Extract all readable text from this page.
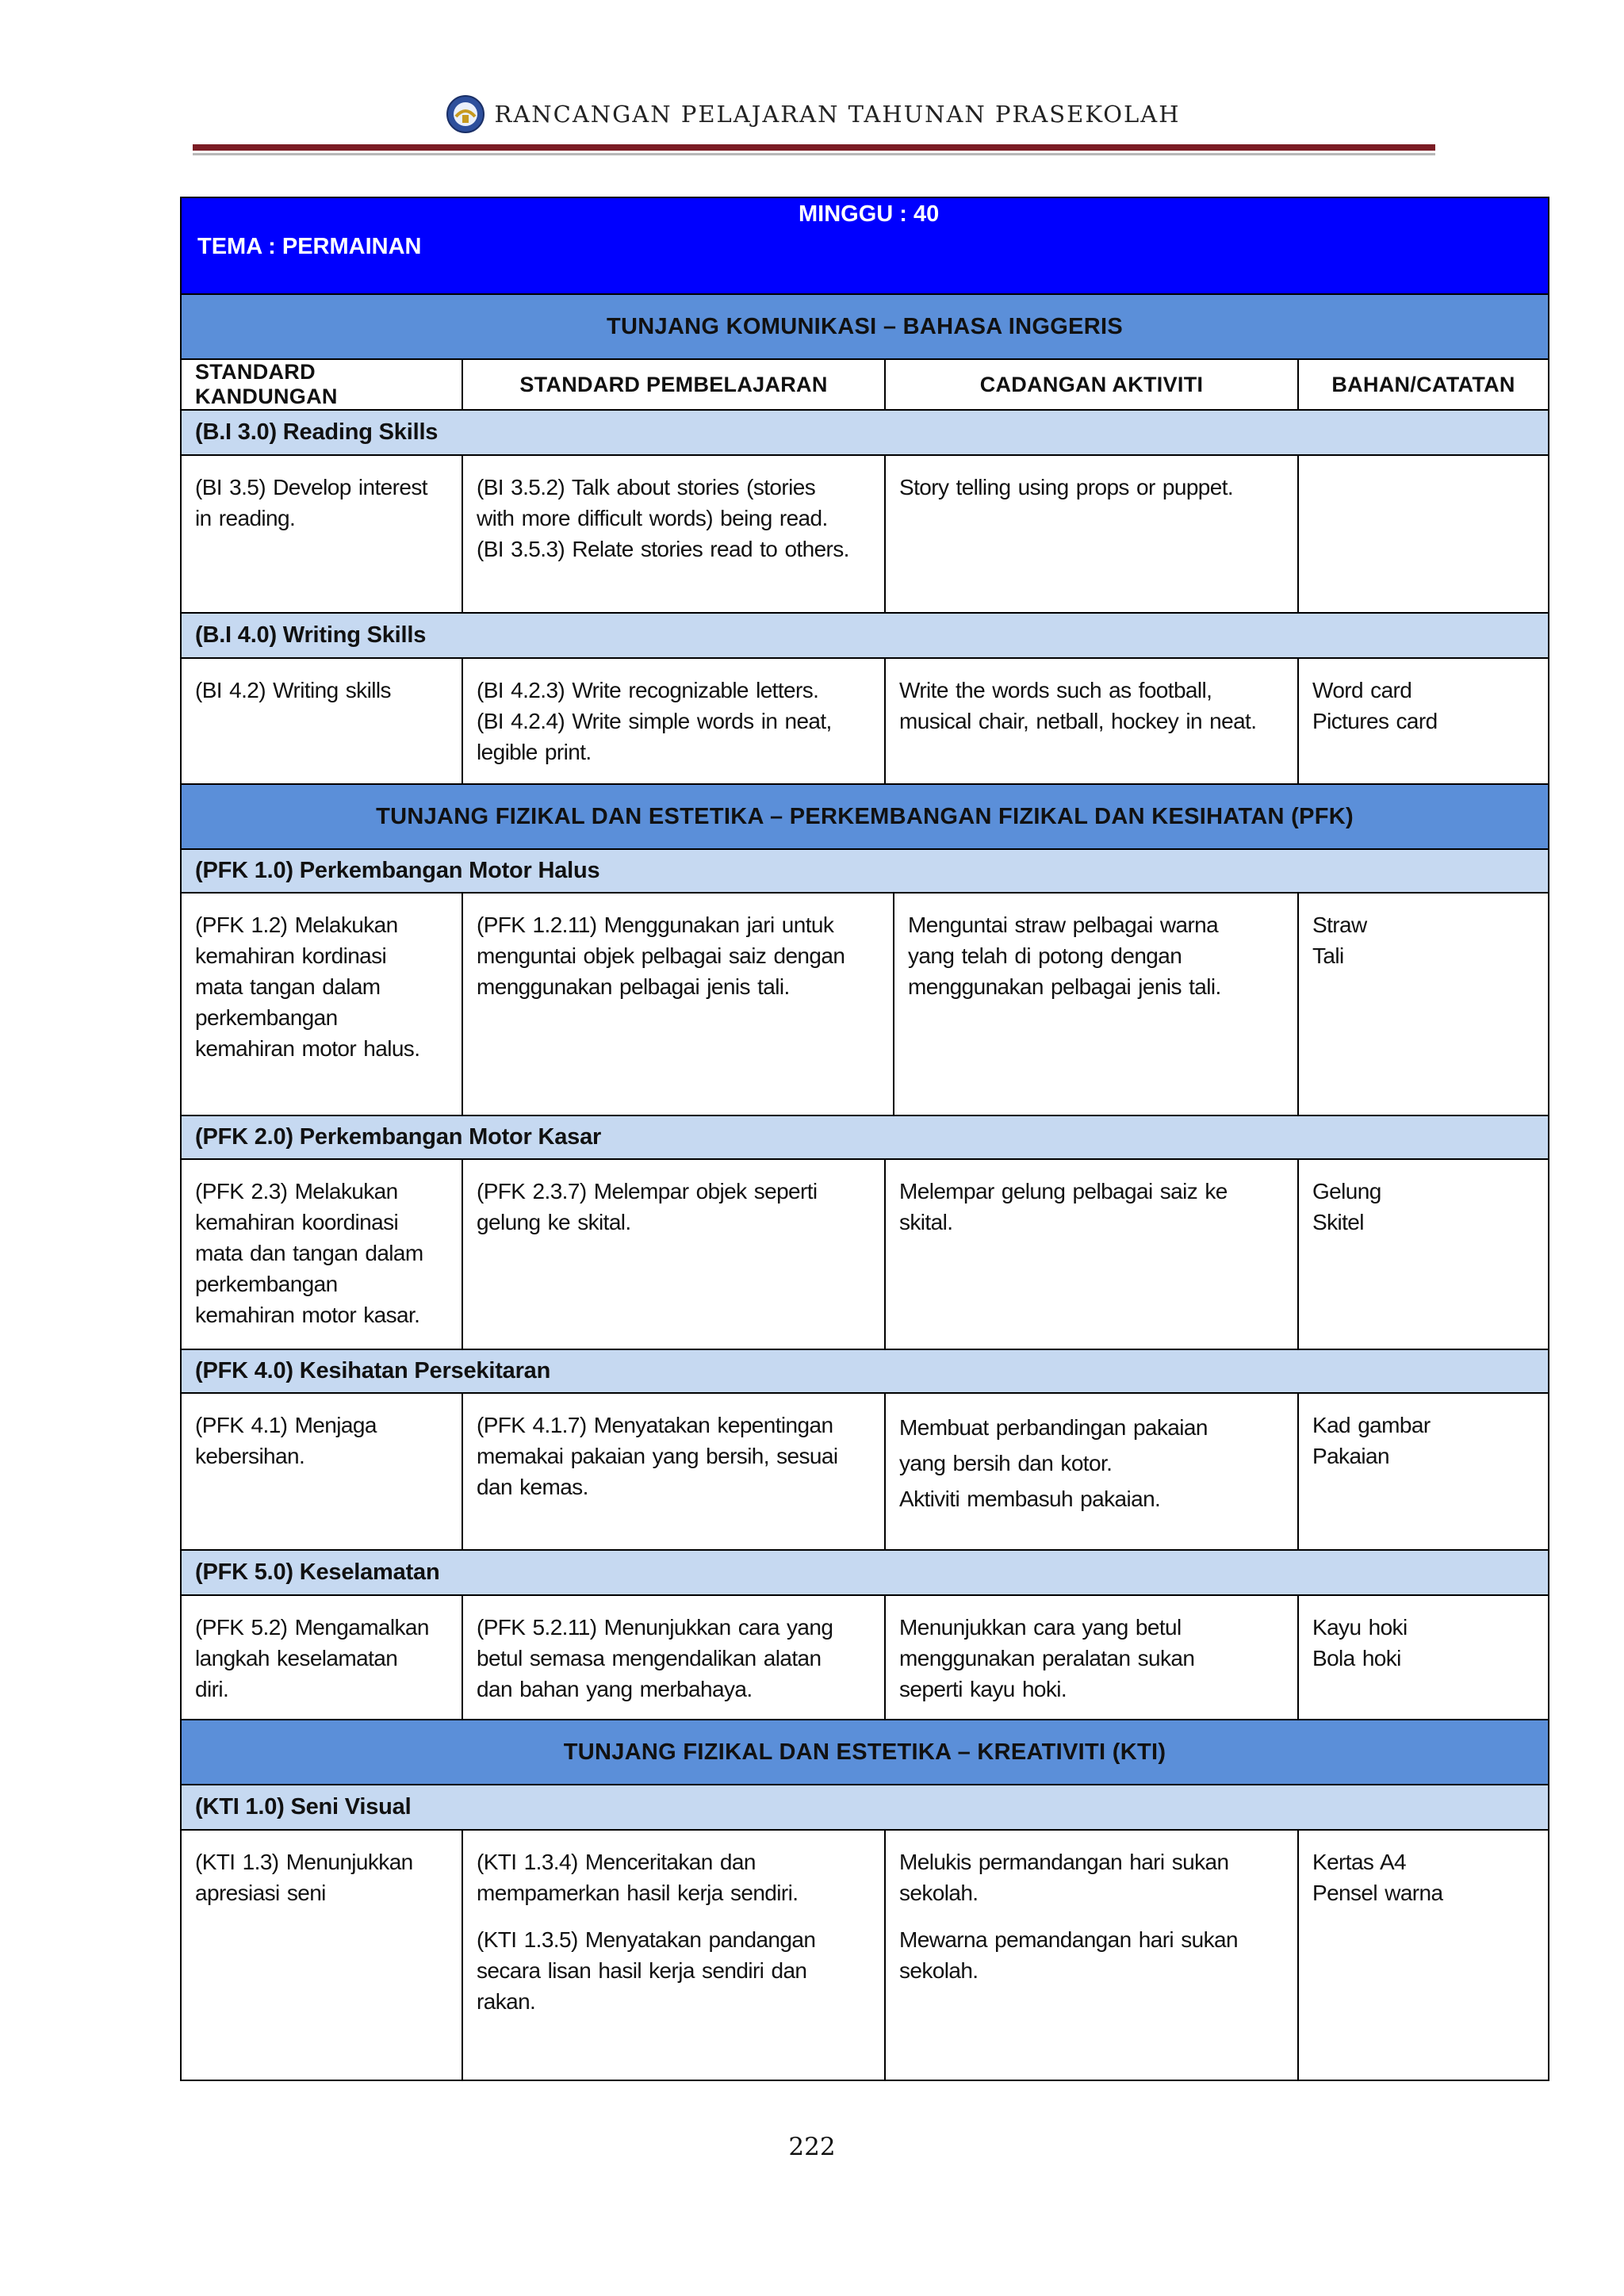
RANCANGAN PELAJARAN TAHUNAN PRASEKOLAH
TEMA : PERMAINAN
MINGGU : 40				

TUNJANG KOMUNIKASI – BAHASA INGGERIS				
STANDARD KANDUNGAN	STANDARD PEMBELAJARAN	CADANGAN AKTIVITI		BAHAN/CATATAN
(B.I 3.0) Reading Skills				
(BI 3.5) Develop interest
in reading.	(BI 3.5.2) Talk about stories (stories
with more difficult words) being read.
(BI 3.5.3) Relate stories read to others.	Story telling using props or puppet.		
(B.I 4.0) Writing Skills				
(BI 4.2) Writing skills	(BI 4.2.3) Write recognizable letters.
(BI 4.2.4) Write simple words in neat,
legible print.	Write the words such as football,
musical chair, netball, hockey in neat.		Word card
Pictures card
TUNJANG FIZIKAL DAN ESTETIKA – PERKEMBANGAN FIZIKAL DAN KESIHATAN (PFK)				
(PFK 1.0) Perkembangan Motor Halus				
(PFK 1.2) Melakukan
kemahiran kordinasi
mata tangan dalam
perkembangan
kemahiran motor halus.	(PFK 1.2.11) Menggunakan jari untuk
menguntai objek pelbagai saiz dengan
menggunakan pelbagai jenis tali.		Menguntai straw pelbagai warna
yang telah di potong dengan
menggunakan pelbagai jenis tali.	Straw
Tali
(PFK 2.0) Perkembangan Motor Kasar				
(PFK 2.3) Melakukan
kemahiran koordinasi
mata dan tangan dalam
perkembangan
kemahiran motor kasar.	(PFK 2.3.7) Melempar objek seperti
gelung ke skital.	Melempar gelung pelbagai saiz ke
skital.		Gelung
Skitel
(PFK 4.0) Kesihatan Persekitaran				
(PFK 4.1) Menjaga
kebersihan.	(PFK 4.1.7) Menyatakan kepentingan
memakai pakaian yang bersih, sesuai
dan kemas.	Membuat perbandingan pakaian
yang bersih dan kotor.
Aktiviti membasuh pakaian.		Kad gambar
Pakaian
(PFK 5.0) Keselamatan				
(PFK 5.2) Mengamalkan
langkah keselamatan
diri.	(PFK 5.2.11) Menunjukkan cara yang
betul semasa mengendalikan alatan
dan bahan yang merbahaya.	Menunjukkan cara yang betul
menggunakan peralatan sukan
seperti kayu hoki.		Kayu hoki
Bola hoki
TUNJANG FIZIKAL DAN ESTETIKA – KREATIVITI (KTI)				
(KTI 1.0) Seni Visual				
(KTI 1.3) Menunjukkan
apresiasi seni	(KTI 1.3.4) Menceritakan dan
mempamerkan hasil kerja sendiri.
(KTI 1.3.5) Menyatakan pandangan
secara lisan hasil kerja sendiri dan
rakan.	Melukis permandangan hari sukan
sekolah.
Mewarna pemandangan hari sukan
sekolah.		Kertas A4
Pensel warna
222
